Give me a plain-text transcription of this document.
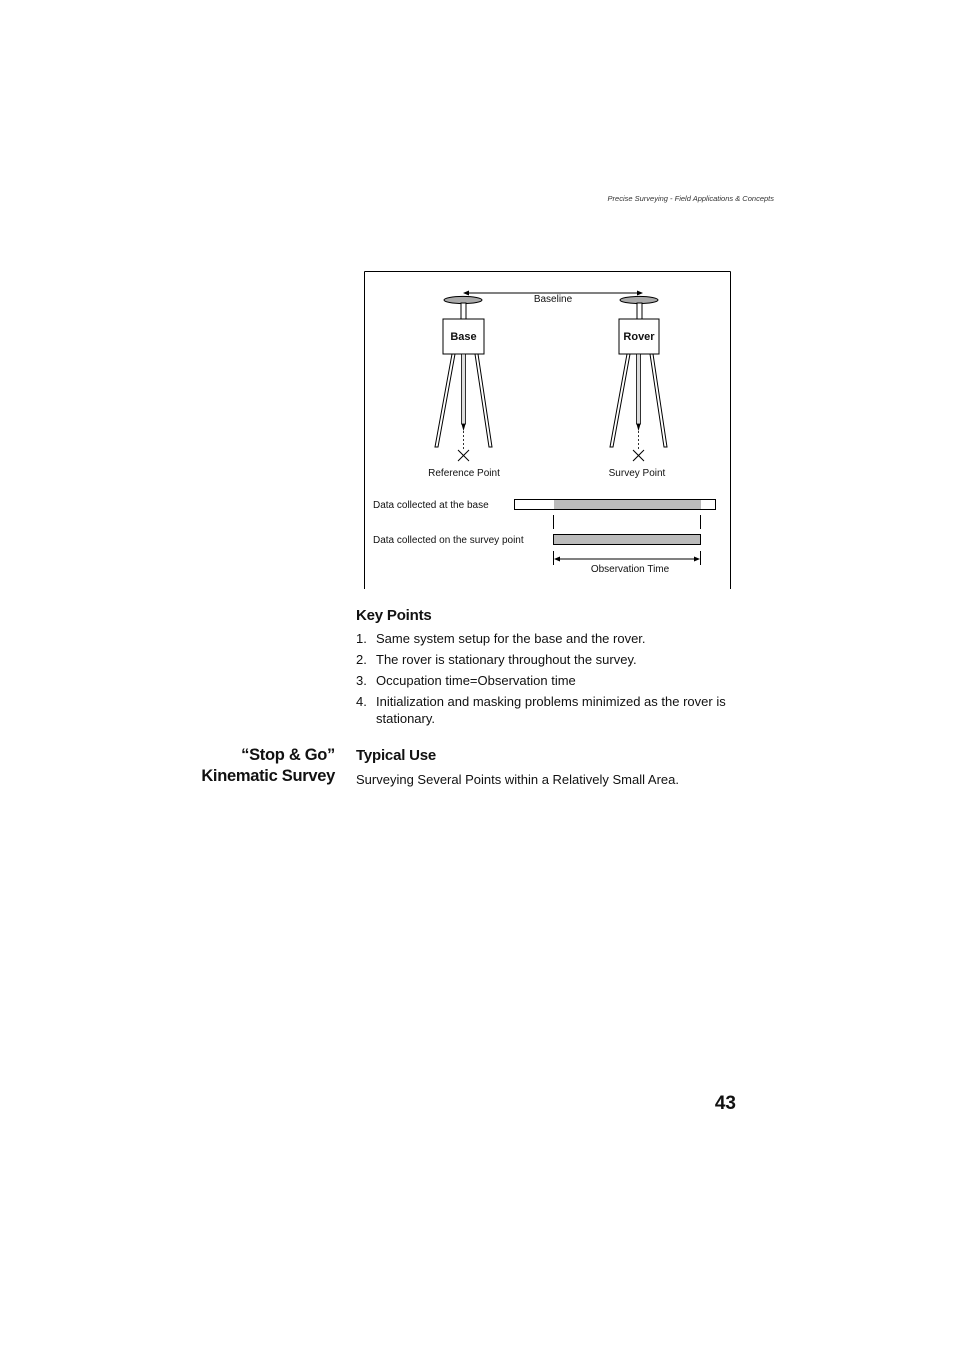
Precise Surveying - Field Applications & Concepts
Baseline
Base	Rover
Reference Point	Survey Point
Data collected at the base
Data collected on the survey point
Observation Time
Key Points
1. Same system setup for the base and the rover.
2. The rover is stationary throughout the survey.
3. Occupation time=Observation time
4. Initialization and masking problems minimized as the rover is stationary.
“Stop & Go”
Kinematic Survey
Typical Use
Surveying Several Points within a Relatively Small Area.
43
